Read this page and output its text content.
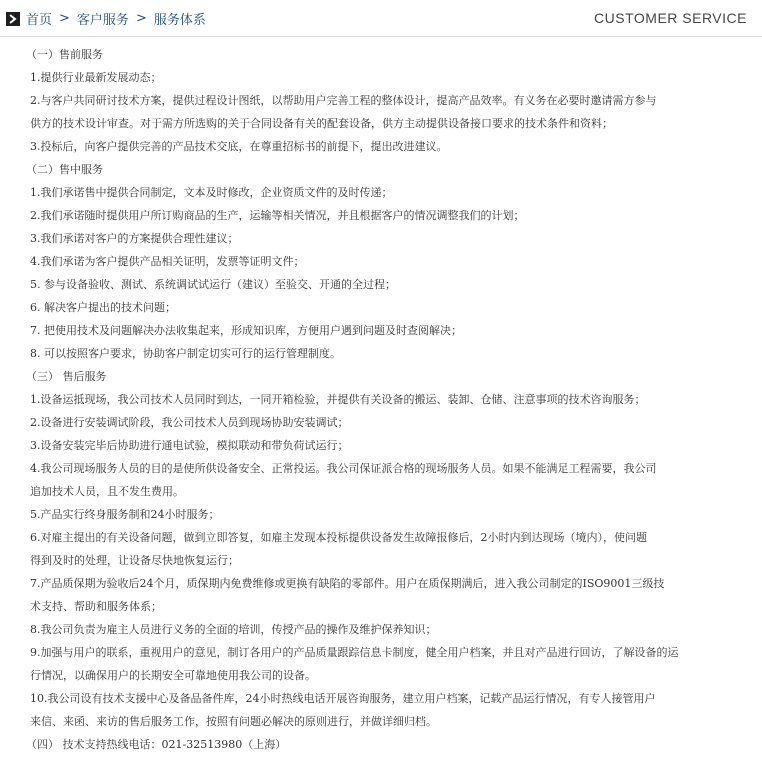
首页 > 客户服务 > 服务体系	CUSTOMER SERVICE
（一）售前服务
1.提供行业最新发展动态；
2.与客户共同研讨技术方案，提供过程设计图纸，以帮助用户完善工程的整体设计，提高产品效率。有义务在必要时邀请需方参与
供方的技术设计审查。对于需方所选购的关于合同设备有关的配套设备，供方主动提供设备接口要求的技术条件和资料；
3.投标后，向客户提供完善的产品技术交底，在尊重招标书的前提下，提出改进建议。
（二）售中服务
1.我们承诺售中提供合同制定，文本及时修改，企业资质文件的及时传递；
2.我们承诺随时提供用户所订购商品的生产，运输等相关情况，并且根据客户的情况调整我们的计划；
3.我们承诺对客户的方案提供合理性建议；
4.我们承诺为客户提供产品相关证明，发票等证明文件；
5. 参与设备验收、测试、系统调试试运行（建议）至验交、开通的全过程；
6. 解决客户提出的技术问题；
7. 把使用技术及问题解决办法收集起来，形成知识库，方便用户遇到问题及时查阅解决；
8. 可以按照客户要求，协助客户制定切实可行的运行管理制度。
（三） 售后服务
1.设备运抵现场，我公司技术人员同时到达，一同开箱检验，并提供有关设备的搬运、装卸、仓储、注意事项的技术咨询服务；
2.设备进行安装调试阶段，我公司技术人员到现场协助安装调试；
3.设备安装完毕后协助进行通电试验，模拟联动和带负荷试运行；
4.我公司现场服务人员的目的是使所供设备安全、正常投运。我公司保证派合格的现场服务人员。如果不能满足工程需要，我公司
追加技术人员，且不发生费用。
5.产品实行终身服务制和24小时服务；
6.对雇主提出的有关设备问题，做到立即答复，如雇主发现本投标提供设备发生故障报修后，2小时内到达现场（境内），使问题
得到及时的处理，让设备尽快地恢复运行；
7.产品质保期为验收后24个月，质保期内免费维修或更换有缺陷的零部件。用户在质保期满后，进入我公司制定的ISO9001三级技
术支持、帮助和服务体系；
8.我公司负责为雇主人员进行义务的全面的培训，传授产品的操作及维护保养知识；
9.加强与用户的联系，重视用户的意见，制订各用户的产品质量跟踪信息卡制度，健全用户档案，并且对产品进行回访，了解设备的运
行情况，以确保用户的长期安全可靠地使用我公司的设备。
10.我公司设有技术支援中心及备品备件库，24小时热线电话开展咨询服务，建立用户档案，记载产品运行情况，有专人接管用户
来信、来函、来访的售后服务工作，按照有问题必解决的原则进行，并做详细归档。
（四） 技术支持热线电话：021-32513980（上海）
